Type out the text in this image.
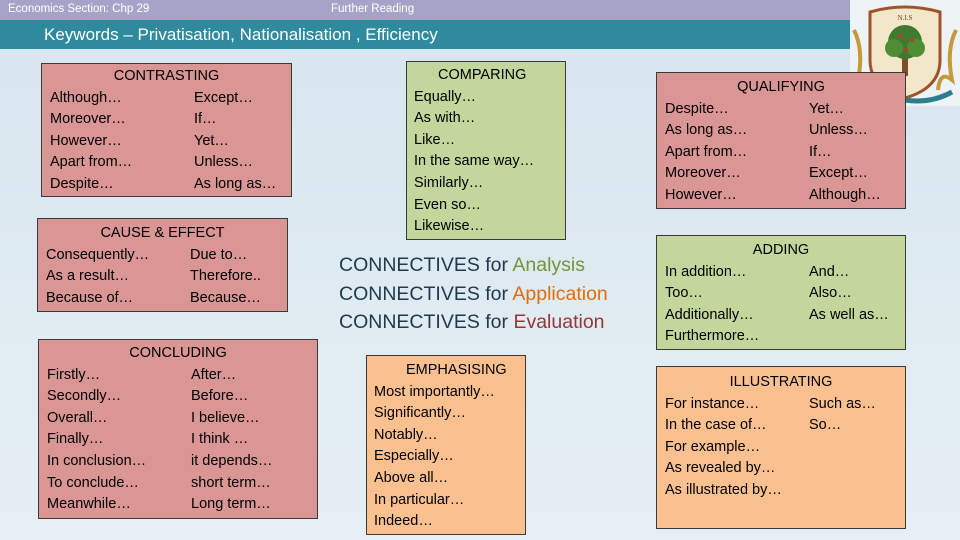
Economics Section: Chp 29	Further Reading
Keywords – Privatisation, Nationalisation , Efficiency
N.I.S
CONTRASTING
Although…
Moreover…
However…
Apart from…
Despite…
Except…
If…
Yet…
Unless…
As long as…
CAUSE & EFFECT
Consequently…
As a result…
Because of…
Due to…
Therefore..
Because…
CONCLUDING
Firstly…
Secondly…
Overall…
Finally…
In conclusion…
To conclude…
Meanwhile…
After…
Before…
I believe…
I think …
it depends…
short term…
Long term…
COMPARING
Equally…
As with…
Like…
In the same way…
Similarly…
Even so…
Likewise…
CONNECTIVES for Analysis
CONNECTIVES for Application
CONNECTIVES for Evaluation
EMPHASISING
Most importantly…
Significantly…
Notably…
Especially…
Above all…
In particular…
Indeed…
QUALIFYING
Despite…
As long as…
Apart from…
Moreover…
However…
Yet…
Unless…
If…
Except…
Although…
ADDING
In addition…
Too…
Additionally…
Furthermore…
And…
Also…
As well as…
ILLUSTRATING
For instance…
In the case of…
For example…
As revealed by…
As illustrated by…
Such as…
So…
